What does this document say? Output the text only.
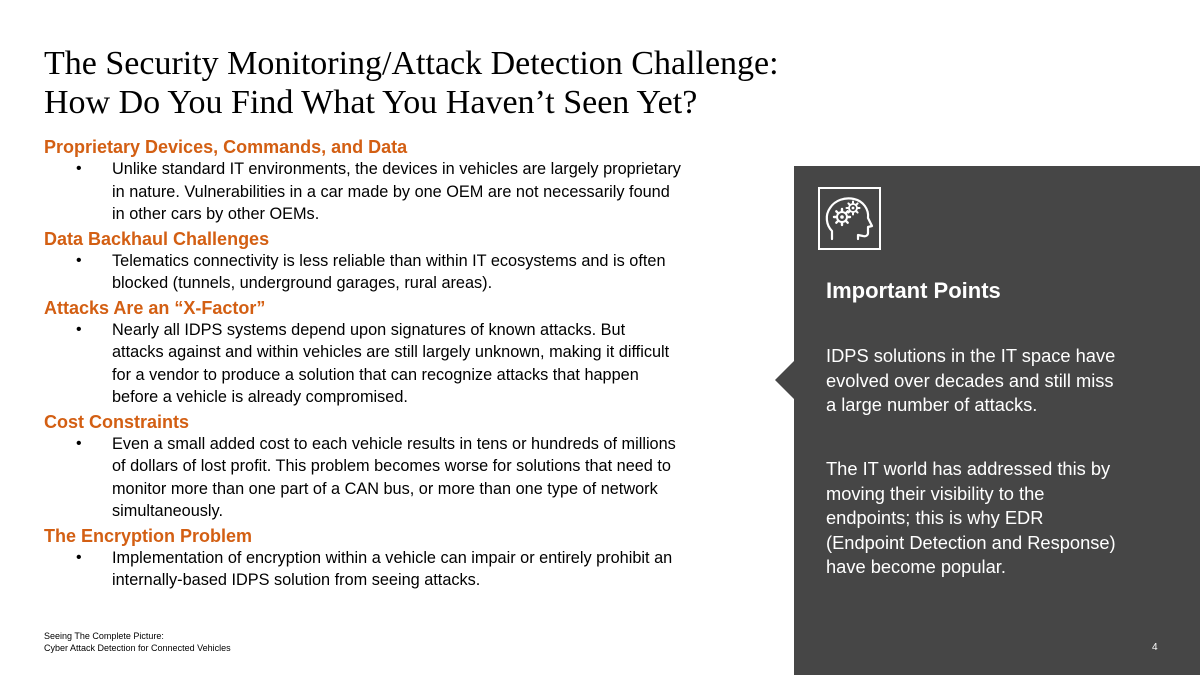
The Security Monitoring/Attack Detection Challenge:
How Do You Find What You Haven’t Seen Yet?
Proprietary Devices, Commands, and Data
• Unlike standard IT environments, the devices in vehicles are largely proprietary
in nature. Vulnerabilities in a car made by one OEM are not necessarily found
in other cars by other OEMs.
Data Backhaul Challenges
• Telematics connectivity is less reliable than within IT ecosystems and is often
blocked (tunnels, underground garages, rural areas).
Attacks Are an “X-Factor”
• Nearly all IDPS systems depend upon signatures of known attacks. But
attacks against and within vehicles are still largely unknown, making it difficult
for a vendor to produce a solution that can recognize attacks that happen
before a vehicle is already compromised.
Cost Constraints
• Even a small added cost to each vehicle results in tens or hundreds of millions
of dollars of lost profit. This problem becomes worse for solutions that need to
monitor more than one part of a CAN bus, or more than one type of network
simultaneously.
The Encryption Problem
• Implementation of encryption within a vehicle can impair or entirely prohibit an
internally-based IDPS solution from seeing attacks.
Seeing The Complete Picture:
Cyber Attack Detection for Connected Vehicles
Important Points
IDPS solutions in the IT space have
evolved over decades and still miss
a large number of attacks.
The IT world has addressed this by
moving their visibility to the
endpoints; this is why EDR
(Endpoint Detection and Response)
have become popular.
4
